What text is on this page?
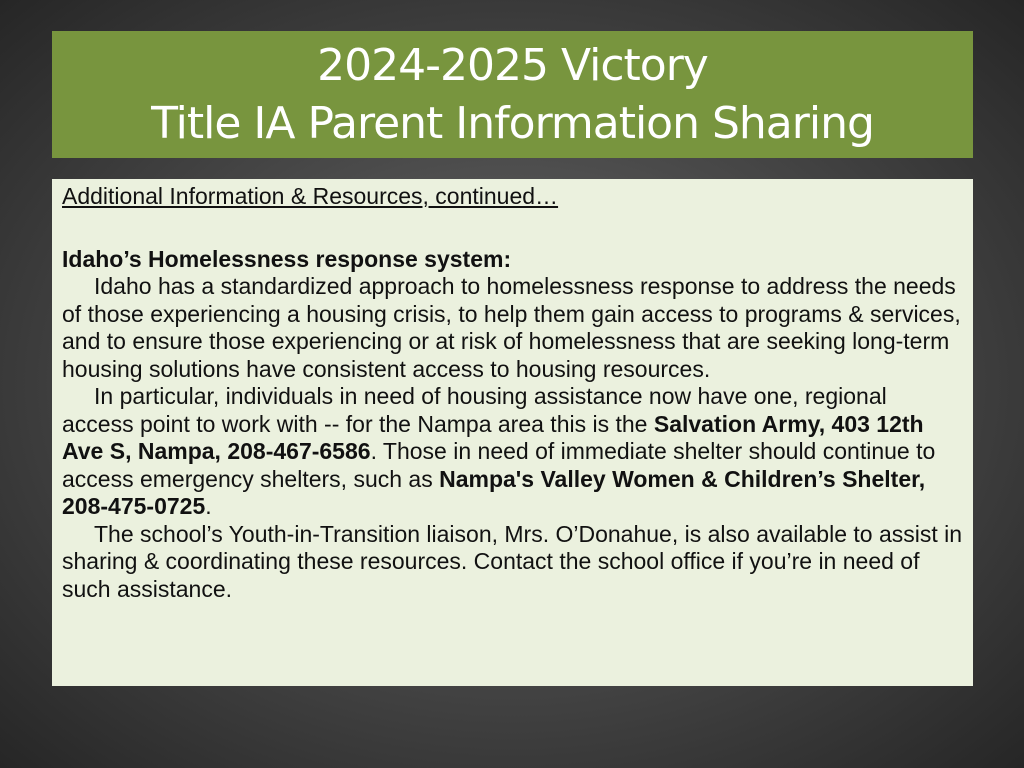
2024-2025 Victory
Title IA Parent Information Sharing

Additional Information & Resources, continued…

Idaho’s Homelessness response system:

Idaho has a standardized approach to homelessness response to address the needs of those experiencing a housing crisis, to help them gain access to programs & services, and to ensure those experiencing or at risk of homelessness that are seeking long-term housing solutions have consistent access to housing resources.

In particular, individuals in need of housing assistance now have one, regional access point to work with -- for the Nampa area this is the Salvation Army, 403 12th Ave S, Nampa, 208-467-6586. Those in need of immediate shelter should continue to access emergency shelters, such as Nampa's Valley Women & Children’s Shelter, 208-475-0725.

The school’s Youth-in-Transition liaison, Mrs. O’Donahue, is also available to assist in sharing & coordinating these resources. Contact the school office if you’re in need of such assistance.
